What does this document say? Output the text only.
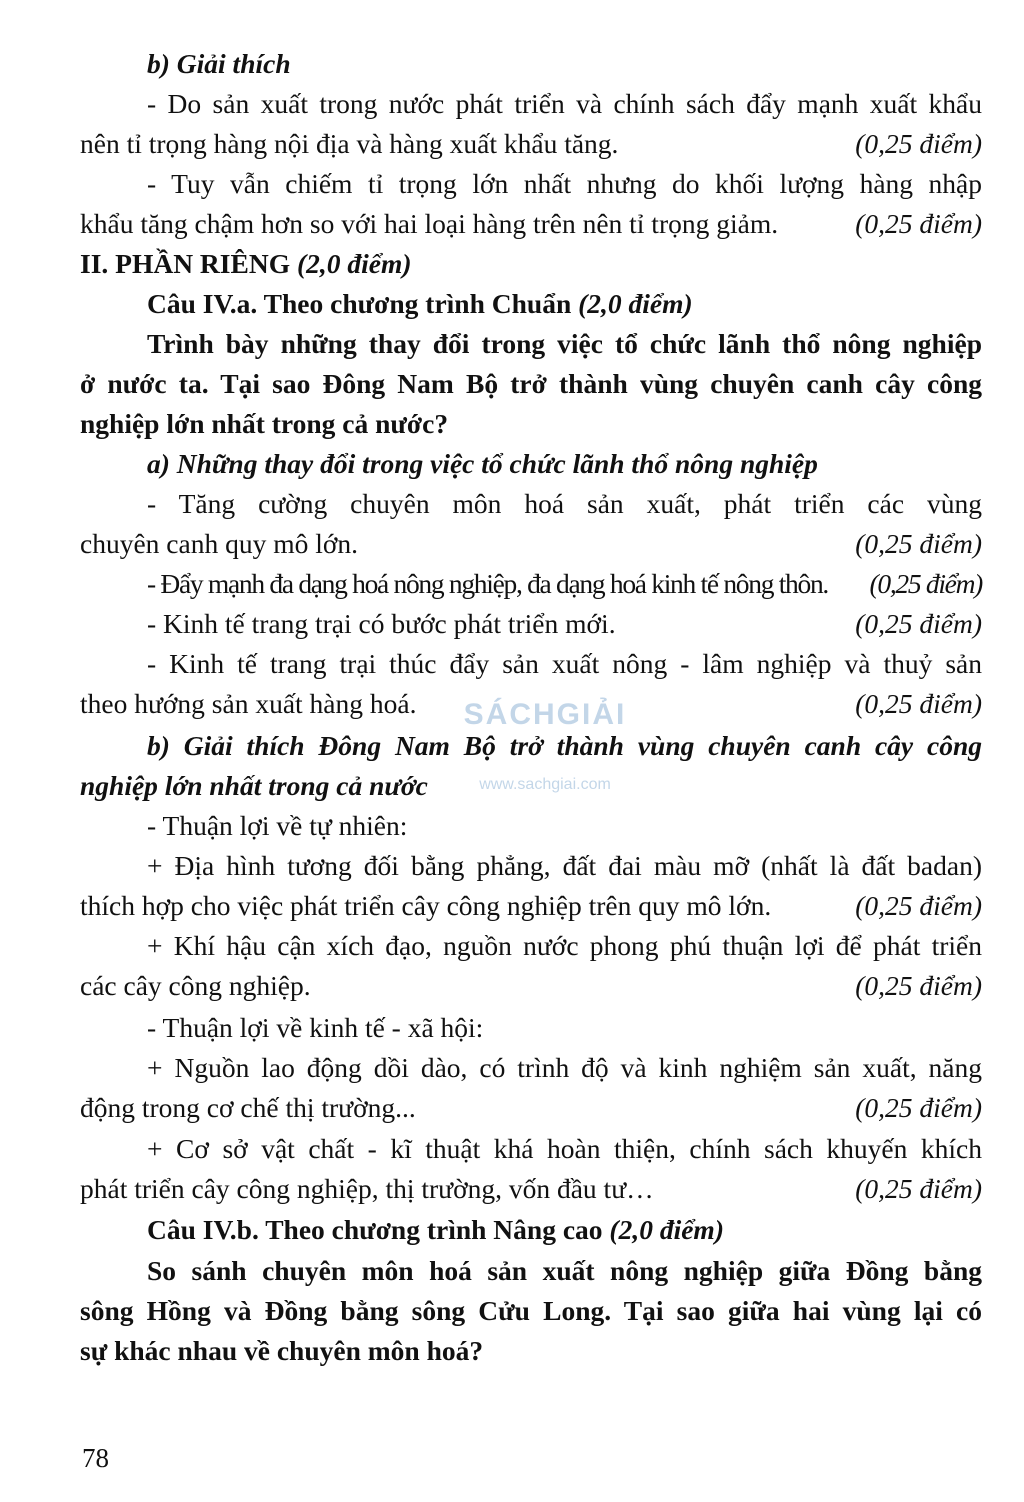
SÁCHGIẢI
www.sachgiai.com
b) Giải thích
- Do sản xuất trong nước phát triển và chính sách đẩy mạnh xuất khẩu
nên tỉ trọng hàng nội địa và hàng xuất khẩu tăng.	(0,25 điểm)
- Tuy vẫn chiếm tỉ trọng lớn nhất nhưng do khối lượng hàng nhập
khẩu tăng chậm hơn so với hai loại hàng trên nên tỉ trọng giảm.	(0,25 điểm)
II. PHẦN RIÊNG (2,0 điểm)
Câu IV.a. Theo chương trình Chuẩn (2,0 điểm)
Trình bày những thay đổi trong việc tổ chức lãnh thổ nông nghiệp
ở nước ta. Tại sao Đông Nam Bộ trở thành vùng chuyên canh cây công
nghiệp lớn nhất trong cả nước?
a) Những thay đổi trong việc tổ chức lãnh thổ nông nghiệp
- Tăng cường chuyên môn hoá sản xuất, phát triển các vùng
chuyên canh quy mô lớn.	(0,25 điểm)
- Đẩy mạnh đa dạng hoá nông nghiệp, đa dạng hoá kinh tế nông thôn. (0,25 điểm)
- Kinh tế trang trại có bước phát triển mới.	(0,25 điểm)
- Kinh tế trang trại thúc đẩy sản xuất nông - lâm nghiệp và thuỷ sản
theo hướng sản xuất hàng hoá.	(0,25 điểm)
b) Giải thích Đông Nam Bộ trở thành vùng chuyên canh cây công
nghiệp lớn nhất trong cả nước
- Thuận lợi về tự nhiên:
+ Địa hình tương đối bằng phẳng, đất đai màu mỡ (nhất là đất badan)
thích hợp cho việc phát triển cây công nghiệp trên quy mô lớn.	(0,25 điểm)
+ Khí hậu cận xích đạo, nguồn nước phong phú thuận lợi để phát triển
các cây công nghiệp.	(0,25 điểm)
- Thuận lợi về kinh tế - xã hội:
+ Nguồn lao động dồi dào, có trình độ và kinh nghiệm sản xuất, năng
động trong cơ chế thị trường...	(0,25 điểm)
+ Cơ sở vật chất - kĩ thuật khá hoàn thiện, chính sách khuyến khích
phát triển cây công nghiệp, thị trường, vốn đầu tư…	(0,25 điểm)
Câu IV.b. Theo chương trình Nâng cao (2,0 điểm)
So sánh chuyên môn hoá sản xuất nông nghiệp giữa Đồng bằng
sông Hồng và Đồng bằng sông Cửu Long. Tại sao giữa hai vùng lại có
sự khác nhau về chuyên môn hoá?
78
